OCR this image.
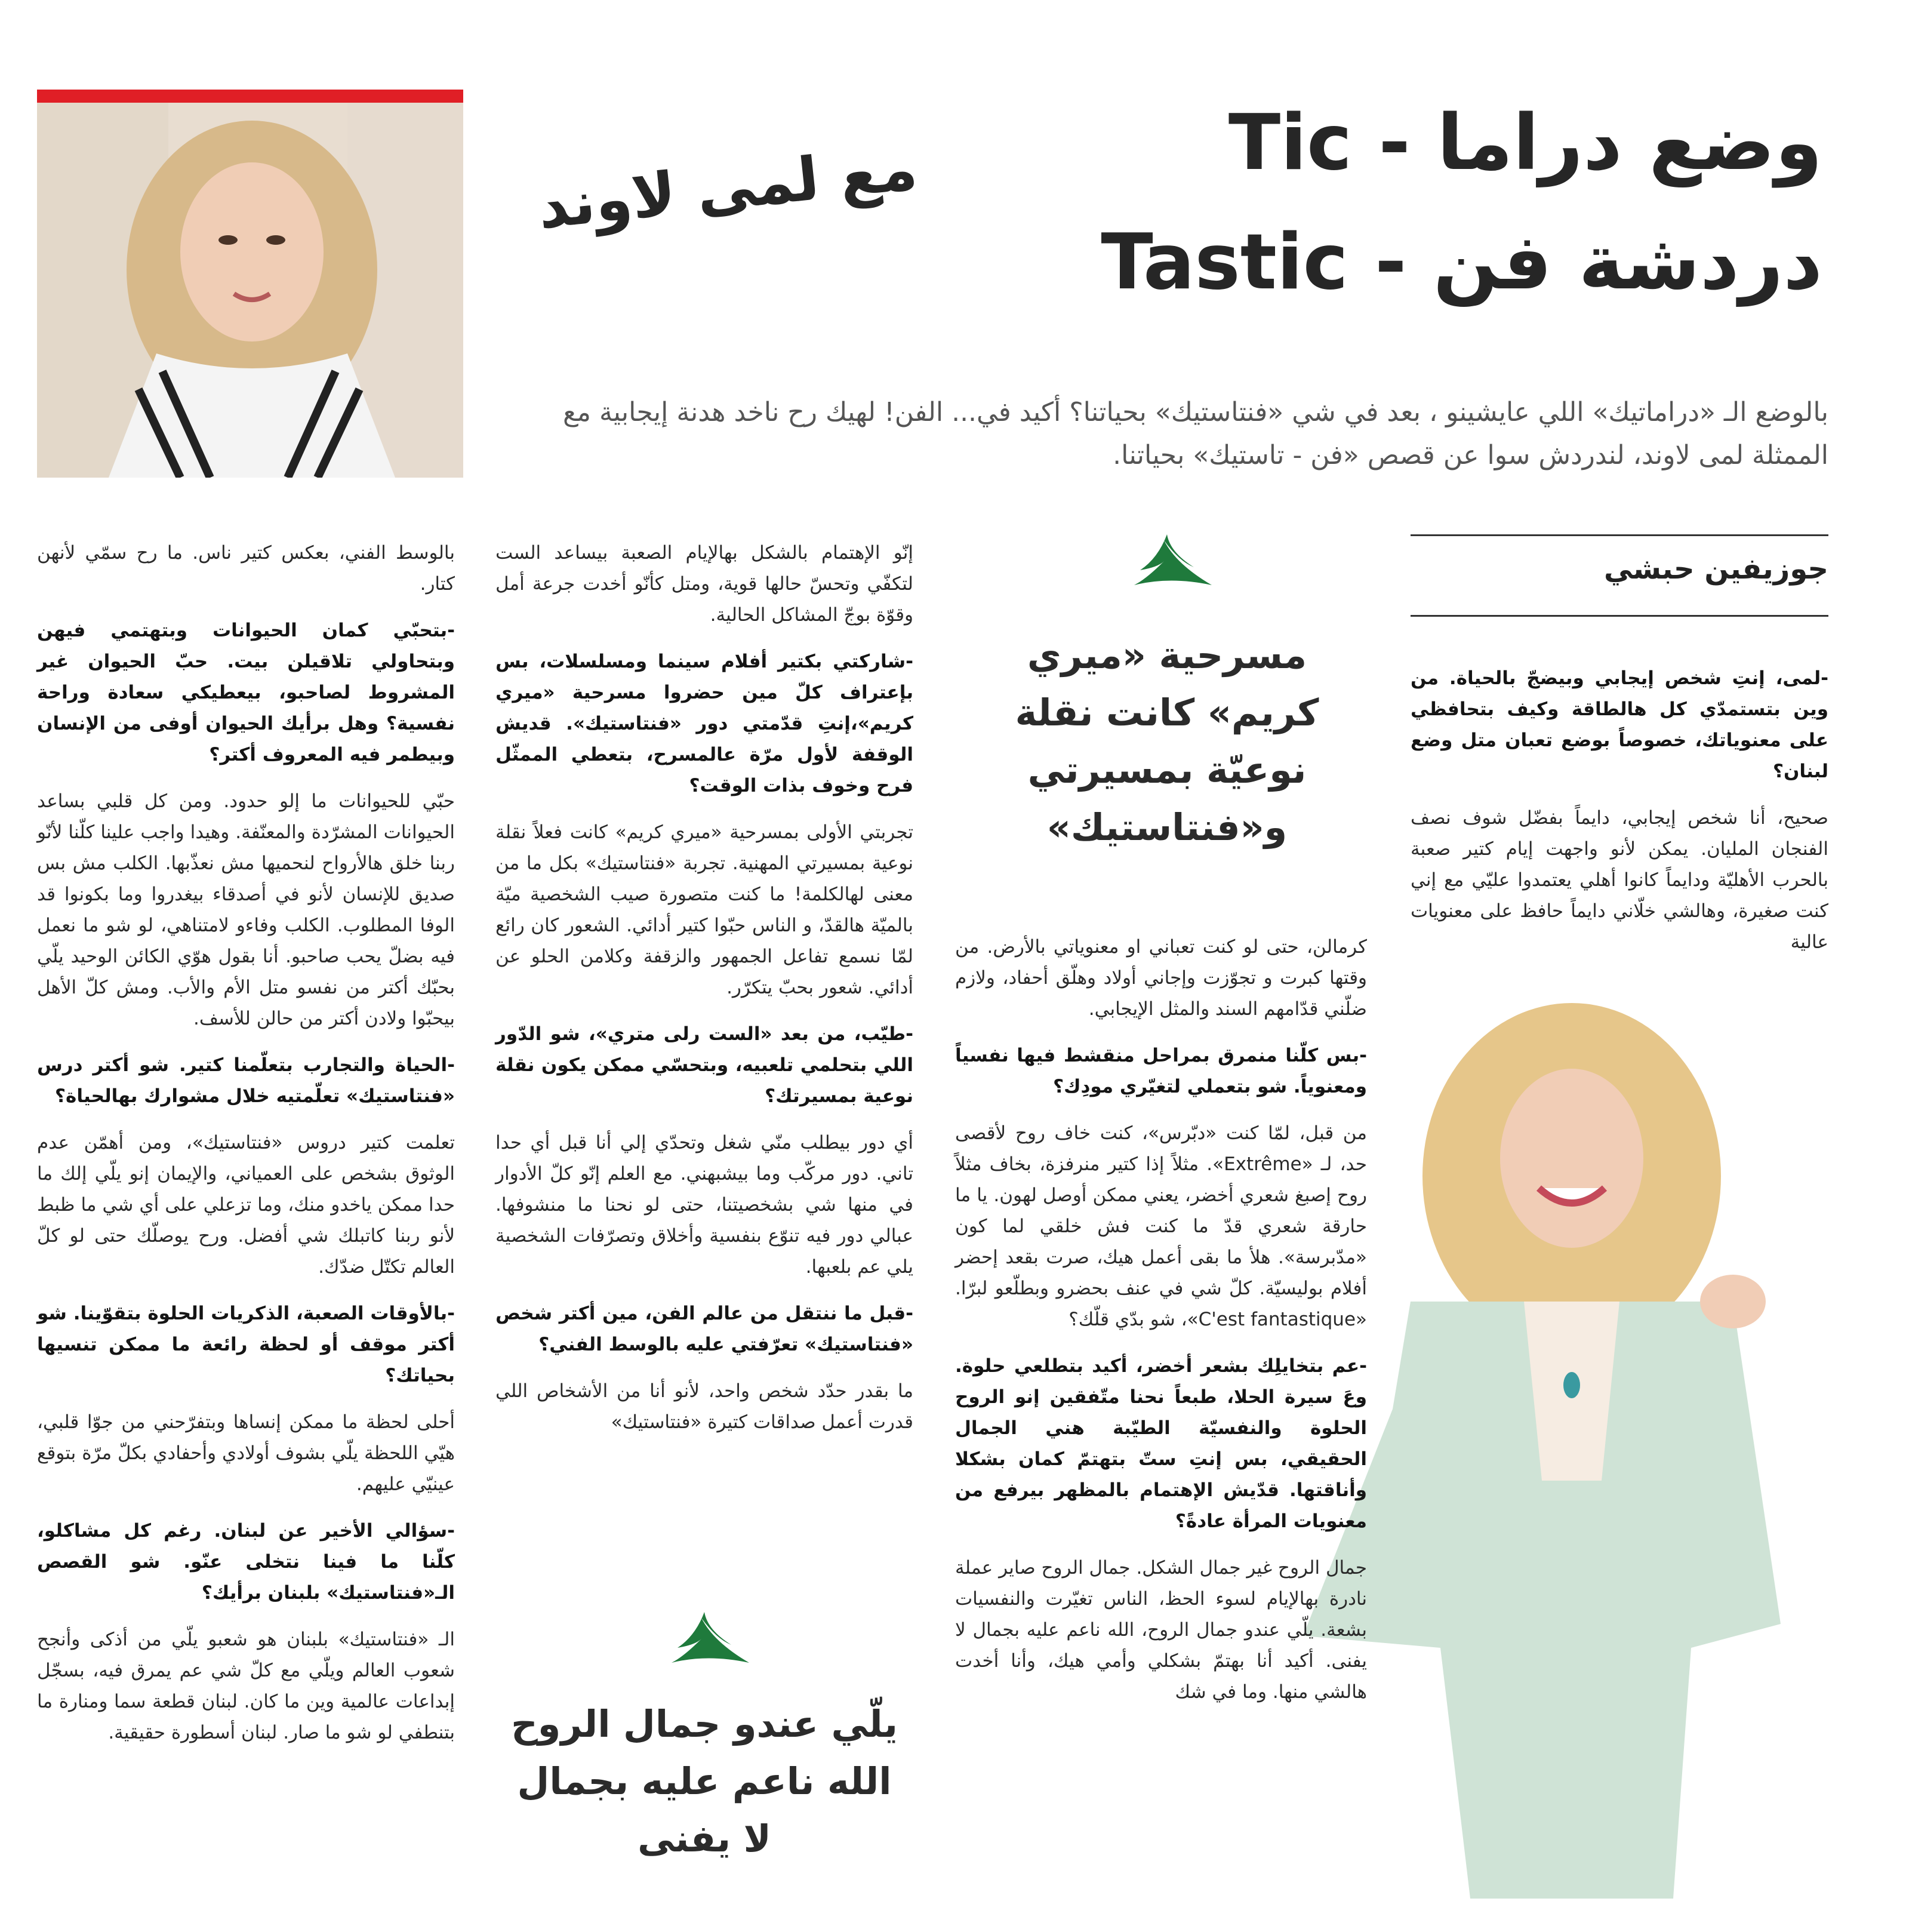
وضع دراما - Tic
دردشة فن - Tastic
مع لمى لاوند
بالوضع الـ «دراماتيك» اللي عايشينو ، بعد في شي «فنتاستيك» بحياتنا؟ أكيد في... الفن! لهيك رح ناخد هدنة إيجابية مع الممثلة لمى لاوند، لندردش سوا عن قصص «فن - تاستيك» بحياتنا.
جوزيفين حبشي

-لمى، إنتِ شخص إيجابي وبيضجّ بالحياة. من وين بتستمدّي كل هالطاقة وكيف بتحافظي على معنوياتك، خصوصاً بوضع تعبان متل وضع لبنان؟

صحيح، أنا شخص إيجابي، دايماً بفضّل شوف نصف الفنجان المليان. يمكن لأنو واجهت إيام كتير صعبة بالحرب الأهليّة ودايماً كانوا أهلي يعتمدوا عليّي مع إني كنت صغيرة، وهالشي خلّاني دايماً حافظ على معنويات عالية

مسرحية «ميري كريم» كانت نقلة نوعيّة بمسيرتي و«فنتاستيك»

كرمالن، حتى لو كنت تعباني او معنوياتي بالأرض. من وقتها كبرت و تجوّزت وإجاني أولاد وهلّق أحفاد، ولازم ضلّني قدّامهم السند والمثل الإيجابي.

-بس كلّنا منمرق بمراحل منقشط فيها نفسياً ومعنوياً. شو بتعملي لتغيّري مودِك؟

من قبل، لمّا كنت «دبّرس»، كنت خاف روح لأقصى حد، لـ «Extrême». مثلاً إذا كتير منرفزة، بخاف مثلاً روح إصبغ شعري أخضر، يعني ممكن أوصل لهون. يا ما حارقة شعري قدّ ما كنت فش خلقي لما كون «مدّبرسة». هلأ ما بقى أعمل هيك، صرت بقعد إحضر أفلام بوليسيّة. كلّ شي في عنف بحضرو وبطلّعو لبرّا. «C'est fantastique»، شو بدّي قلّك؟

-عم بتخايلِك بشعر أخضر، أكيد بتطلعي حلوة. وعَ سيرة الحلا، طبعاً نحنا متّفقين إنو الروح الحلوة والنفسيّة الطيّبة هني الجمال الحقيقي، بس إنتِ ستّ بتهتمّ كمان بشكلا وأناقتها. قدّيش الإهتمام بالمظهر بيرفع من معنويات المرأة عادةً؟

جمال الروح غير جمال الشكل. جمال الروح صاير عملة نادرة بهالإيام لسوء الحظ، الناس تغيّرت والنفسيات بشعة. يلّي عندو جمال الروح، الله ناعم عليه بجمال لا يفنى. أكيد أنا بهتمّ بشكلي وأمي هيك، وأنا أخدت هالشي منها. وما في شك

إنّو الإهتمام بالشكل بهالإيام الصعبة بيساعد الست لتكفّي وتحسّ حالها قوية، ومتل كأنّو أخدت جرعة أمل وقوّة بوجّ المشاكل الحالية.

-شاركتي بكتير أفلام سينما ومسلسلات، بس بإعتراف كلّ مين حضروا مسرحية «ميري كريم»،إنتِ قدّمتي دور «فنتاستيك». قديش الوقفة لأول مرّة عالمسرح، بتعطي الممثّل فرح وخوف بذات الوقت؟

تجربتي الأولى بمسرحية «ميري كريم» كانت فعلاً نقلة نوعية بمسيرتي المهنية. تجربة «فنتاستيك» بكل ما من معنى لهالكلمة! ما كنت متصورة صيب الشخصية ميّة بالميّة هالقدّ، و الناس حبّوا كتير أدائي. الشعور كان رائع لمّا نسمع تفاعل الجمهور والزقفة وكلامن الحلو عن أدائي. شعور بحبّ يتكرّر.

-طيّب، من بعد «الست رلى متري»، شو الدّور اللي بتحلمي تلعبيه، وبتحسّي ممكن يكون نقلة نوعية بمسيرتك؟

أي دور بيطلب منّي شغل وتحدّي إلي أنا قبل أي حدا تاني. دور مركّب وما بيشبهني. مع العلم إنّو كلّ الأدوار في منها شي بشخصيتنا، حتى لو نحنا ما منشوفها. عبالي دور فيه تنوّع بنفسية وأخلاق وتصرّفات الشخصية يلي عم بلعبها.

-قبل ما ننتقل من عالم الفن، مين أكتر شخص «فنتاستيك» تعرّفتي عليه بالوسط الفني؟

ما بقدر حدّد شخص واحد، لأنو أنا من الأشخاص اللي قدرت أعمل صداقات كتيرة «فنتاستيك»

يلّي عندو جمال الروح الله ناعم عليه بجمال لا يفنى

بالوسط الفني، بعكس كتير ناس. ما رح سمّي لأنهن كتار.

-بتحبّي كمان الحيوانات وبتهتمي فيهن وبتحاولي تلاقيلن بيت. حبّ الحيوان غير المشروط لصاحبو، بيعطيكي سعادة وراحة نفسية؟ وهل برأيك الحيوان أوفى من الإنسان وبيطمر فيه المعروف أكتر؟

حبّي للحيوانات ما إلو حدود. ومن كل قلبي بساعد الحيوانات المشرّدة والمعنّفة. وهيدا واجب علينا كلّنا لأنّو ربنا خلق هالأرواح لنحميها مش نعذّبها. الكلب مش بس صديق للإنسان لأنو في أصدقاء بيغدروا وما بكونوا قد الوفا المطلوب. الكلب وفاءو لامتناهي، لو شو ما نعمل فيه بضلّ يحب صاحبو. أنا بقول هوّي الكائن الوحيد يلّي بحبّك أكتر من نفسو متل الأم والأب. ومش كلّ الأهل بيحبّوا ولادن أكتر من حالن للأسف.

-الحياة والتجارب بتعلّمنا كتير. شو أكتر درس «فنتاستيك» تعلّمتيه خلال مشوارك بهالحياة؟

تعلمت كتير دروس «فنتاستيك»، ومن أهمّن عدم الوثوق بشخص على العمياني، والإيمان إنو يلّي إلك ما حدا ممكن ياخدو منك، وما تزعلي على أي شي ما ظبط لأنو ربنا كاتبلك شي أفضل. ورح يوصلّك حتى لو كلّ العالم تكتّل ضدّك.

-بالأوقات الصعبة، الذكريات الحلوة بتقوّينا. شو أكتر موقف أو لحظة رائعة ما ممكن تنسيها بحياتك؟

أحلى لحظة ما ممكن إنساها وبتفرّحني من جوّا قلبي، هيّي اللحظة يلّي بشوف أولادي وأحفادي بكلّ مرّة بتوقع عينيّي عليهم.

-سؤالي الأخير عن لبنان. رغم كل مشاكلو، كلّنا ما فينا نتخلى عنّو. شو القصص الـ«فنتاستيك» بلبنان برأيك؟

الـ «فنتاستيك» بلبنان هو شعبو يلّي من أذكى وأنجح شعوب العالم ويلّي مع كلّ شي عم يمرق فيه، بسجّل إبداعات عالمية وين ما كان. لبنان قطعة سما ومنارة ما بتنطفي لو شو ما صار. لبنان أسطورة حقيقية.
